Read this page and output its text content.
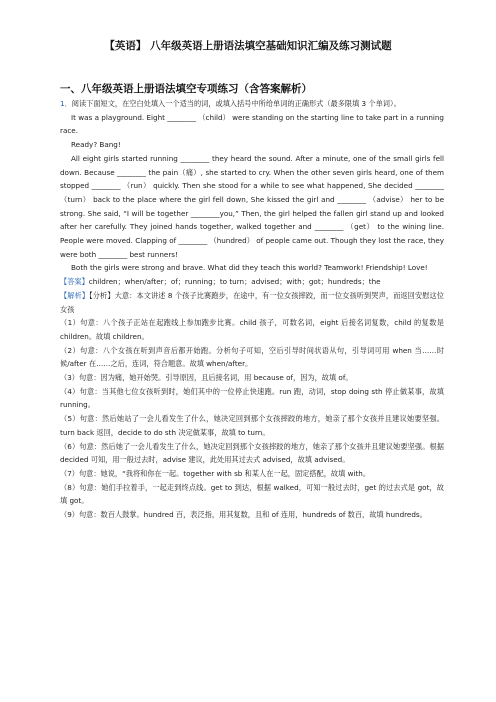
【英语】 八年级英语上册语法填空基础知识汇编及练习测试题
一、八年级英语上册语法填空专项练习（含答案解析）

1．阅读下面短文，在空白处填入一个适当的词，或填入括号中所给单词的正确形式（最多限填 3 个单词）。

It was a playground. Eight ________ （child） were standing on the starting line to take part in a running race.

Ready? Bang!

All eight girls started running ________ they heard the sound. After a minute, one of the small girls fell down. Because ________ the pain（痛）, she started to cry. When the other seven girls heard, one of them stopped ________ （run） quickly. Then she stood for a while to see what happened, She decided ________ （turn） back to the place where the girl fell down, She kissed the girl and ________ （advise） her to be strong. She said, “I will be together ________you,” Then, the girl helped the fallen girl stand up and looked after her carefully. They joined hands together, walked together and ________ （get） to the wining line. People were moved. Clapping of ________ （hundred） of people came out. Though they lost the race, they were both ________ best runners!

Both the girls were strong and brave. What did they teach this world? Teamwork! Friendship! Love!

【答案】children；when/after；of；running；to turn；advised；with；got；hundreds；the

【解析】【分析】大意：本文讲述 8 个孩子比赛跑步，在途中，有一位女孩摔跤，而一位女孩听到哭声，而返回安慰这位女孩

（1）句意：八个孩子正站在起跑线上参加跑步比赛。child 孩子，可数名词，eight 后接名词复数，child 的复数是 children。故填 children。

（2）句意：八个女孩在听到声音后都开始跑。分析句子可知，空后引导时间状语从句，引导词可用 when 当……时候/after 在……之后，连词，符合题意。故填 when/after。

（3）句意：因为痛，她开始哭。引导原因，且后接名词，用 because of，因为，故填 of。

（4）句意：当其他七位女孩听到时，她们其中的一位停止快速跑。run 跑，动词，stop doing sth 停止做某事，故填 running。

（5）句意：然后她站了一会儿看发生了什么，她决定回到那个女孩摔跤的地方，她亲了那个女孩并且建议她要坚强。turn back 返回，decide to do sth 决定做某事，故填 to turn。

（6）句意：然后她了一会儿看发生了什么，她决定回到那个女孩摔跤的地方，她亲了那个女孩并且建议她要坚强。根据 decided 可知，用一般过去时，advise 建议，此处用其过去式 advised，故填 advised。

（7）句意：她说，“我将和你在一起。together with sb 和某人在一起，固定搭配，故填 with。

（8）句意：她们手拉着手，一起走到终点线。get to 到达，根据 walked，可知一般过去时，get 的过去式是 got，故填 got。

（9）句意：数百人鼓掌。hundred 百，表泛指，用其复数，且和 of 连用，hundreds of 数百，故填 hundreds。
